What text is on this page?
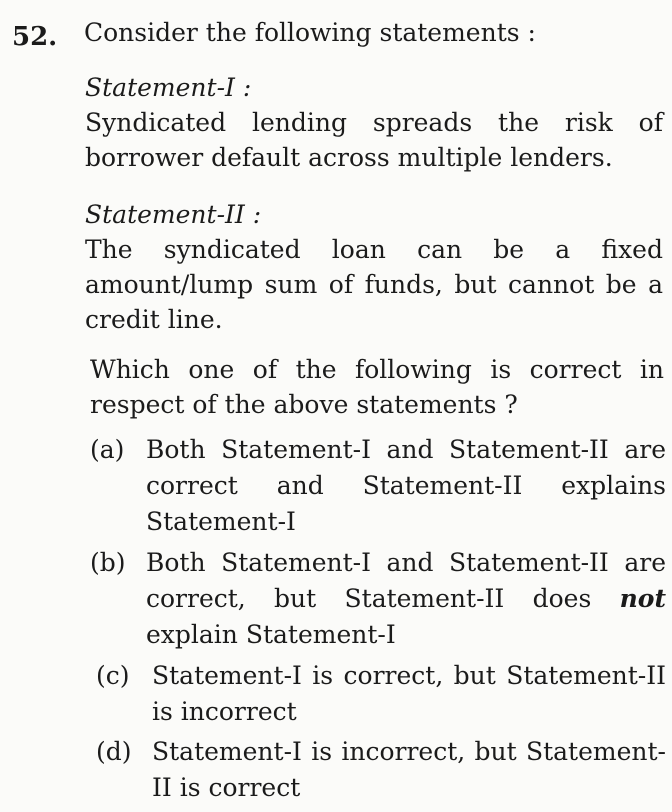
52. Consider the following statements :
Statement-I :
Syndicated lending spreads the risk of borrower default across multiple lenders.
Statement-II :
The syndicated loan can be a fixed amount/lump sum of funds, but cannot be a credit line.
Which one of the following is correct in respect of the above statements ?
(a) Both Statement-I and Statement-II are correct and Statement-II explains Statement-I
(b) Both Statement-I and Statement-II are correct, but Statement-II does not explain Statement-I
(c) Statement-I is correct, but Statement-II is incorrect
(d) Statement-I is incorrect, but Statement-II is correct
